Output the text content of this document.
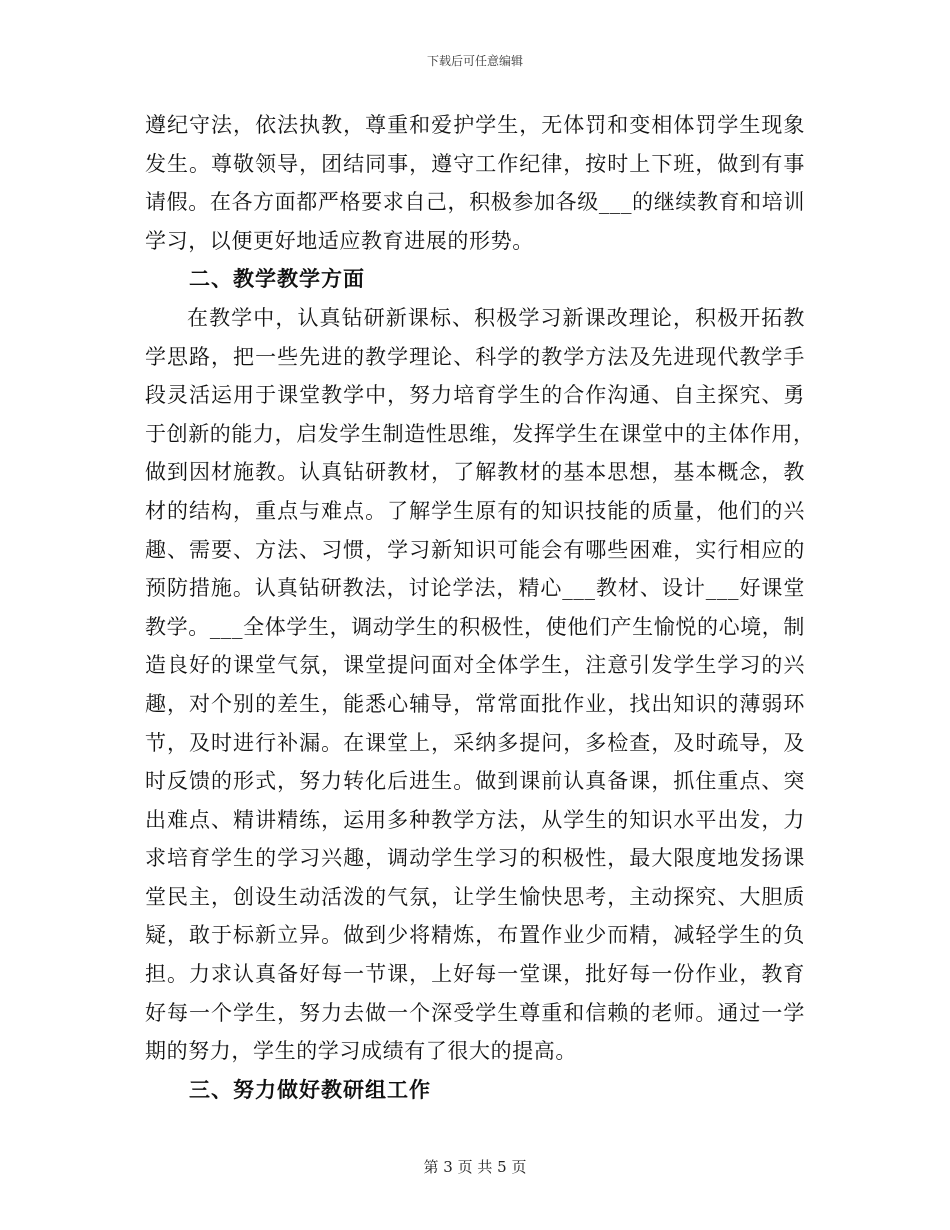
下载后可任意编辑
遵纪守法，依法执教，尊重和爱护学生，无体罚和变相体罚学生现象
发生。尊敬领导，团结同事，遵守工作纪律，按时上下班，做到有事
请假。在各方面都严格要求自己，积极参加各级___的继续教育和培训
学习，以便更好地适应教育进展的形势。
二、教学教学方面
在教学中，认真钻研新课标、积极学习新课改理论，积极开拓教
学思路，把一些先进的教学理论、科学的教学方法及先进现代教学手
段灵活运用于课堂教学中，努力培育学生的合作沟通、自主探究、勇
于创新的能力，启发学生制造性思维，发挥学生在课堂中的主体作用，
做到因材施教。认真钻研教材，了解教材的基本思想，基本概念，教
材的结构，重点与难点。了解学生原有的知识技能的质量，他们的兴
趣、需要、方法、习惯，学习新知识可能会有哪些困难，实行相应的
预防措施。认真钻研教法，讨论学法，精心___教材、设计___好课堂
教学。___全体学生，调动学生的积极性，使他们产生愉悦的心境，制
造良好的课堂气氛，课堂提问面对全体学生，注意引发学生学习的兴
趣，对个别的差生，能悉心辅导，常常面批作业，找出知识的薄弱环
节，及时进行补漏。在课堂上，采纳多提问，多检查，及时疏导，及
时反馈的形式，努力转化后进生。做到课前认真备课，抓住重点、突
出难点、精讲精练，运用多种教学方法，从学生的知识水平出发，力
求培育学生的学习兴趣，调动学生学习的积极性，最大限度地发扬课
堂民主，创设生动活泼的气氛，让学生愉快思考，主动探究、大胆质
疑，敢于标新立异。做到少将精炼，布置作业少而精，减轻学生的负
担。力求认真备好每一节课，上好每一堂课，批好每一份作业，教育
好每一个学生，努力去做一个深受学生尊重和信赖的老师。通过一学
期的努力，学生的学习成绩有了很大的提高。
三、努力做好教研组工作
第 3 页 共 5 页
